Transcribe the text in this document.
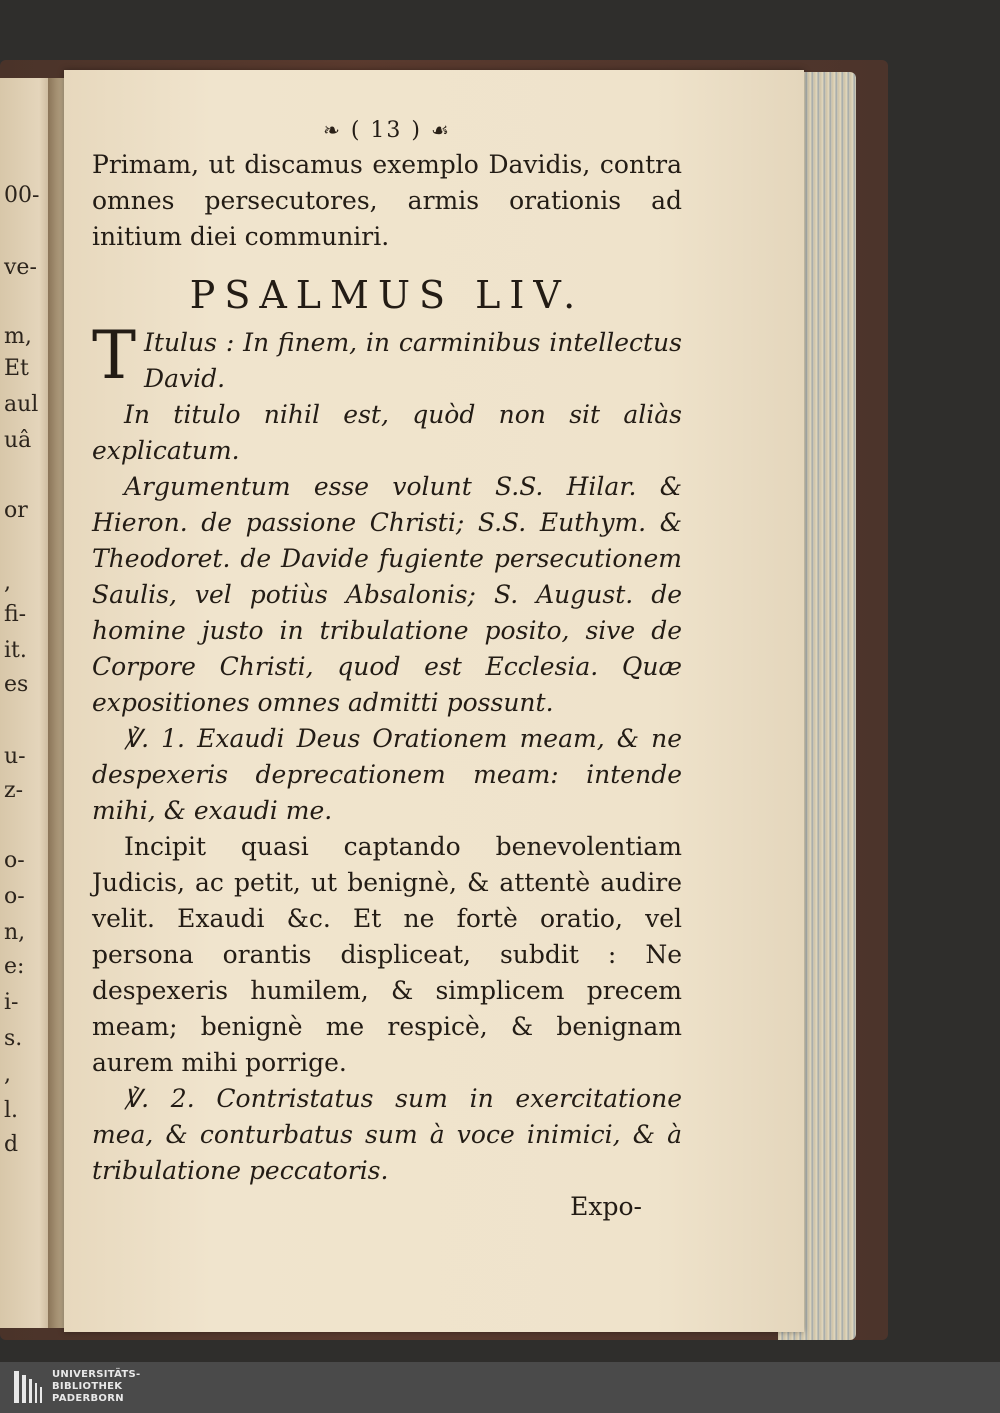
00-
ve-
m,
Et
aul
uâ
or
,
fi-
it.
es
u-
z-
o-
o-
n,
e:
i-
s.
,
l.
d
❧ ( 13 ) ☙

Primam, ut discamus exemplo Davidis, contra omnes persecutores, armis orationis ad initium diei communiri.

PSALMUS LIV.

T Itulus : In finem, in carminibus intellectus David.

In titulo nihil est, quòd non sit aliàs explicatum.

Argumentum esse volunt S.S. Hilar. & Hieron. de passione Christi; S.S. Euthym. & Theodoret. de Davide fugiente persecutionem Saulis, vel potiùs Absalonis; S. August. de homine justo in tribulatione posito, sive de Corpore Christi, quod est Ecclesia. Quæ expositiones omnes admitti possunt.

℣. 1. Exaudi Deus Orationem meam, & ne despexeris deprecationem meam: intende mihi, & exaudi me.

Incipit quasi captando benevolentiam Judicis, ac petit, ut benignè, & attentè audire velit. Exaudi &c. Et ne fortè oratio, vel persona orantis displiceat, subdit : Ne despexeris humilem, & simplicem precem meam; benignè me respicè, & benignam aurem mihi porrige.

℣. 2. Contristatus sum in exercitatione mea, & conturbatus sum à voce inimici, & à tribulatione peccatoris.

Expo-

UNIVERSITÄTS-
BIBLIOTHEK
PADERBORN
